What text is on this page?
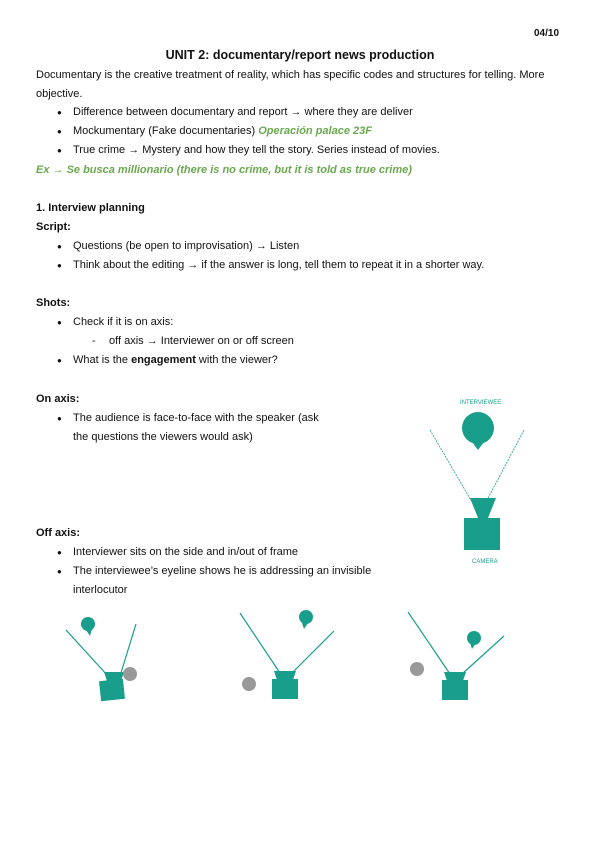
04/10
UNIT 2: documentary/report news production
Documentary is the creative treatment of reality, which has specific codes and structures for telling. More objective.
● Difference between documentary and report → where they are deliver
● Mockumentary (Fake documentaries) Operación palace 23F
● True crime → Mystery and how they tell the story. Series instead of movies.
Ex → Se busca millionario (there is no crime, but it is told as true crime)
1. Interview planning
Script:
● Questions (be open to improvisation) → Listen
● Think about the editing → if the answer is long, tell them to repeat it in a shorter way.
Shots:
● Check if it is on axis:
- off axis → Interviewer on or off screen
● What is the engagement with the viewer?
On axis:
● The audience is face-to-face with the speaker (ask
the questions the viewers would ask)
Off axis:
● Interviewer sits on the side and in/out of frame
● The interviewee’s eyeline shows he is addressing an invisible
interlocutor
INTERVIEWEE
CAMERA
